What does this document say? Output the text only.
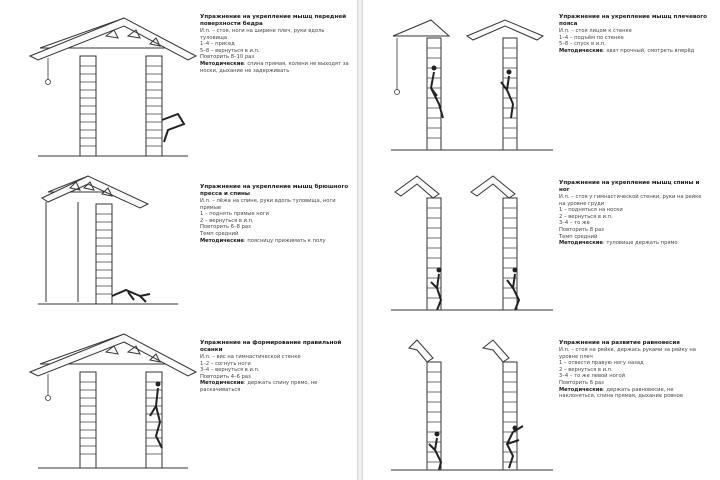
Упражнение на укрепление мышц передней поверхности бедра
И.п. – стоя, ноги на ширине плеч, руки вдоль туловища
1–4 – присед
5–8 – вернуться в и.п.
Повторить 8–10 раз
Методические: спина прямая, колени не выходят за носки, дыхание не задерживать
Упражнение на укрепление мышц брюшного пресса и спины
И.п. – лёжа на спине, руки вдоль туловища, ноги прямые
1 – поднять прямые ноги
2 – вернуться в и.п.
Повторить 6–8 раз
Темп средний
Методические: поясницу прижимать к полу
Упражнение на формирование правильной осанки
И.п. – вис на гимнастической стенке
1–2 – согнуть ноги
3–4 – вернуться в и.п.
Повторить 4–6 раз
Методические: держать спину прямо, не раскачиваться
Упражнение на укрепление мышц плечевого пояса
И.п. – стоя лицом к стенке
1–4 – подъём по стенке
5–8 – спуск в и.п.
Методические: хват прочный, смотреть вперёд
Упражнение на укрепление мышц спины и ног
И.п. – стоя у гимнастической стенки, руки на рейке на уровне груди
1 – подняться на носки
2 – вернуться в и.п.
3–4 – то же
Повторить 8 раз
Темп средний
Методические: туловище держать прямо
Упражнение на развитие равновесия
И.п. – стоя на рейке, держась руками за рейку на уровне плеч
1 – отвести правую ногу назад
2 – вернуться в и.п.
3–4 – то же левой ногой
Повторить 6 раз
Методические: держать равновесие, не наклоняться, спина прямая, дыхание ровное
